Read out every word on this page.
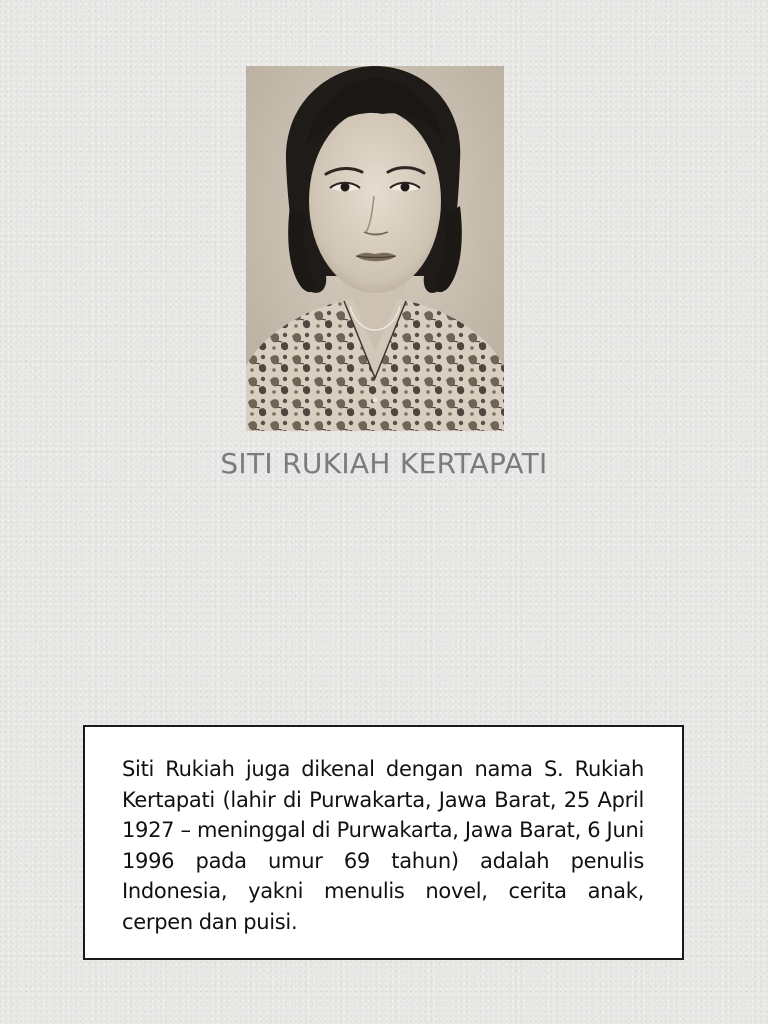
SITI RUKIAH KERTAPATI

Siti Rukiah juga dikenal dengan nama S. Rukiah Kertapati (lahir di Purwakarta, Jawa Barat, 25 April 1927 – meninggal di Purwakarta, Jawa Barat, 6 Juni 1996 pada umur 69 tahun) adalah penulis Indonesia, yakni menulis novel, cerita anak, cerpen dan puisi.
